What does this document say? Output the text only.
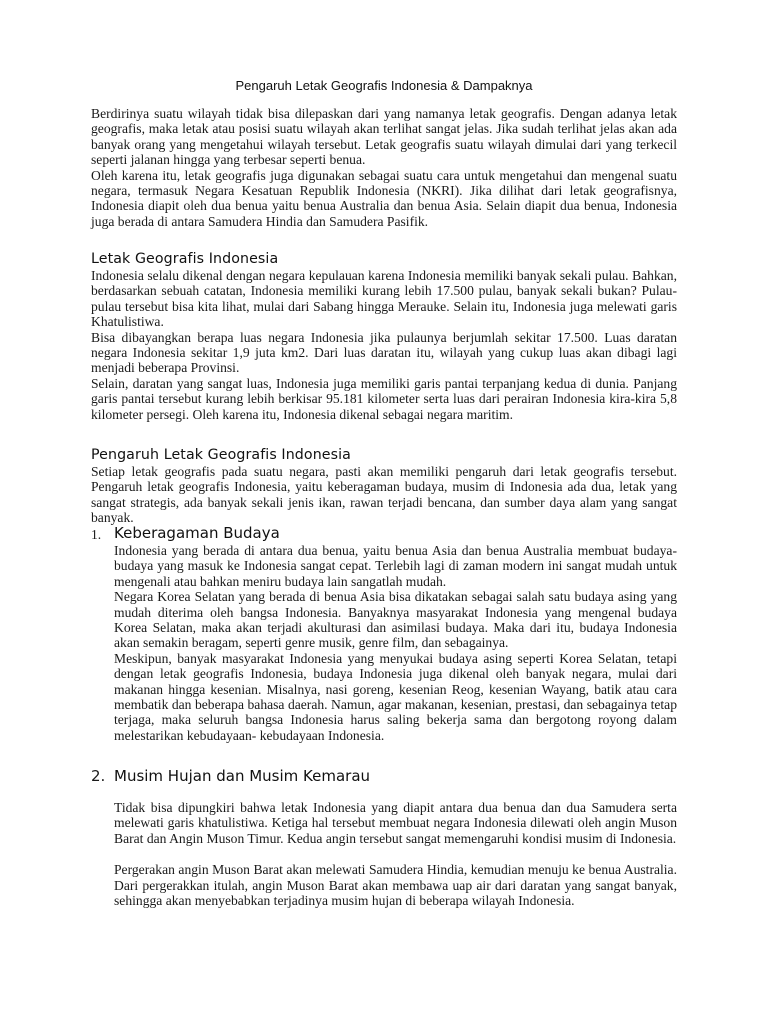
Pengaruh Letak Geografis Indonesia & Dampaknya

Berdirinya suatu wilayah tidak bisa dilepaskan dari yang namanya letak geografis. Dengan adanya letak geografis, maka letak atau posisi suatu wilayah akan terlihat sangat jelas. Jika sudah terlihat jelas akan ada banyak orang yang mengetahui wilayah tersebut. Letak geografis suatu wilayah dimulai dari yang terkecil seperti jalanan hingga yang terbesar seperti benua.

Oleh karena itu, letak geografis juga digunakan sebagai suatu cara untuk mengetahui dan mengenal suatu negara, termasuk Negara Kesatuan Republik Indonesia (NKRI). Jika dilihat dari letak geografisnya, Indonesia diapit oleh dua benua yaitu benua Australia dan benua Asia. Selain diapit dua benua, Indonesia juga berada di antara Samudera Hindia dan Samudera Pasifik.

Letak Geografis Indonesia

Indonesia selalu dikenal dengan negara kepulauan karena Indonesia memiliki banyak sekali pulau. Bahkan, berdasarkan sebuah catatan, Indonesia memiliki kurang lebih 17.500 pulau, banyak sekali bukan? Pulau-pulau tersebut bisa kita lihat, mulai dari Sabang hingga Merauke. Selain itu, Indonesia juga melewati garis Khatulistiwa.

Bisa dibayangkan berapa luas negara Indonesia jika pulaunya berjumlah sekitar 17.500. Luas daratan negara Indonesia sekitar 1,9 juta km2. Dari luas daratan itu, wilayah yang cukup luas akan dibagi lagi menjadi beberapa Provinsi.

Selain, daratan yang sangat luas, Indonesia juga memiliki garis pantai terpanjang kedua di dunia. Panjang garis pantai tersebut kurang lebih berkisar 95.181 kilometer serta luas dari perairan Indonesia kira-kira 5,8 kilometer persegi. Oleh karena itu, Indonesia dikenal sebagai negara maritim.

Pengaruh Letak Geografis Indonesia

Setiap letak geografis pada suatu negara, pasti akan memiliki pengaruh dari letak geografis tersebut. Pengaruh letak geografis Indonesia, yaitu keberagaman budaya, musim di Indonesia ada dua, letak yang sangat strategis, ada banyak sekali jenis ikan, rawan terjadi bencana, dan sumber daya alam yang sangat banyak.

1. Keberagaman Budaya

Indonesia yang berada di antara dua benua, yaitu benua Asia dan benua Australia membuat budaya-budaya yang masuk ke Indonesia sangat cepat. Terlebih lagi di zaman modern ini sangat mudah untuk mengenali atau bahkan meniru budaya lain sangatlah mudah.

Negara Korea Selatan yang berada di benua Asia bisa dikatakan sebagai salah satu budaya asing yang mudah diterima oleh bangsa Indonesia. Banyaknya masyarakat Indonesia yang mengenal budaya Korea Selatan, maka akan terjadi akulturasi dan asimilasi budaya. Maka dari itu, budaya Indonesia akan semakin beragam, seperti genre musik, genre film, dan sebagainya.

Meskipun, banyak masyarakat Indonesia yang menyukai budaya asing seperti Korea Selatan, tetapi dengan letak geografis Indonesia, budaya Indonesia juga dikenal oleh banyak negara, mulai dari makanan hingga kesenian. Misalnya, nasi goreng, kesenian Reog, kesenian Wayang, batik atau cara membatik dan beberapa bahasa daerah. Namun, agar makanan, kesenian, prestasi, dan sebagainya tetap terjaga, maka seluruh bangsa Indonesia harus saling bekerja sama dan bergotong royong dalam melestarikan kebudayaan- kebudayaan Indonesia.

2. Musim Hujan dan Musim Kemarau

Tidak bisa dipungkiri bahwa letak Indonesia yang diapit antara dua benua dan dua Samudera serta melewati garis khatulistiwa. Ketiga hal tersebut membuat negara Indonesia dilewati oleh angin Muson Barat dan Angin Muson Timur. Kedua angin tersebut sangat memengaruhi kondisi musim di Indonesia.

Pergerakan angin Muson Barat akan melewati Samudera Hindia, kemudian menuju ke benua Australia. Dari pergerakkan itulah, angin Muson Barat akan membawa uap air dari daratan yang sangat banyak, sehingga akan menyebabkan terjadinya musim hujan di beberapa wilayah Indonesia.
